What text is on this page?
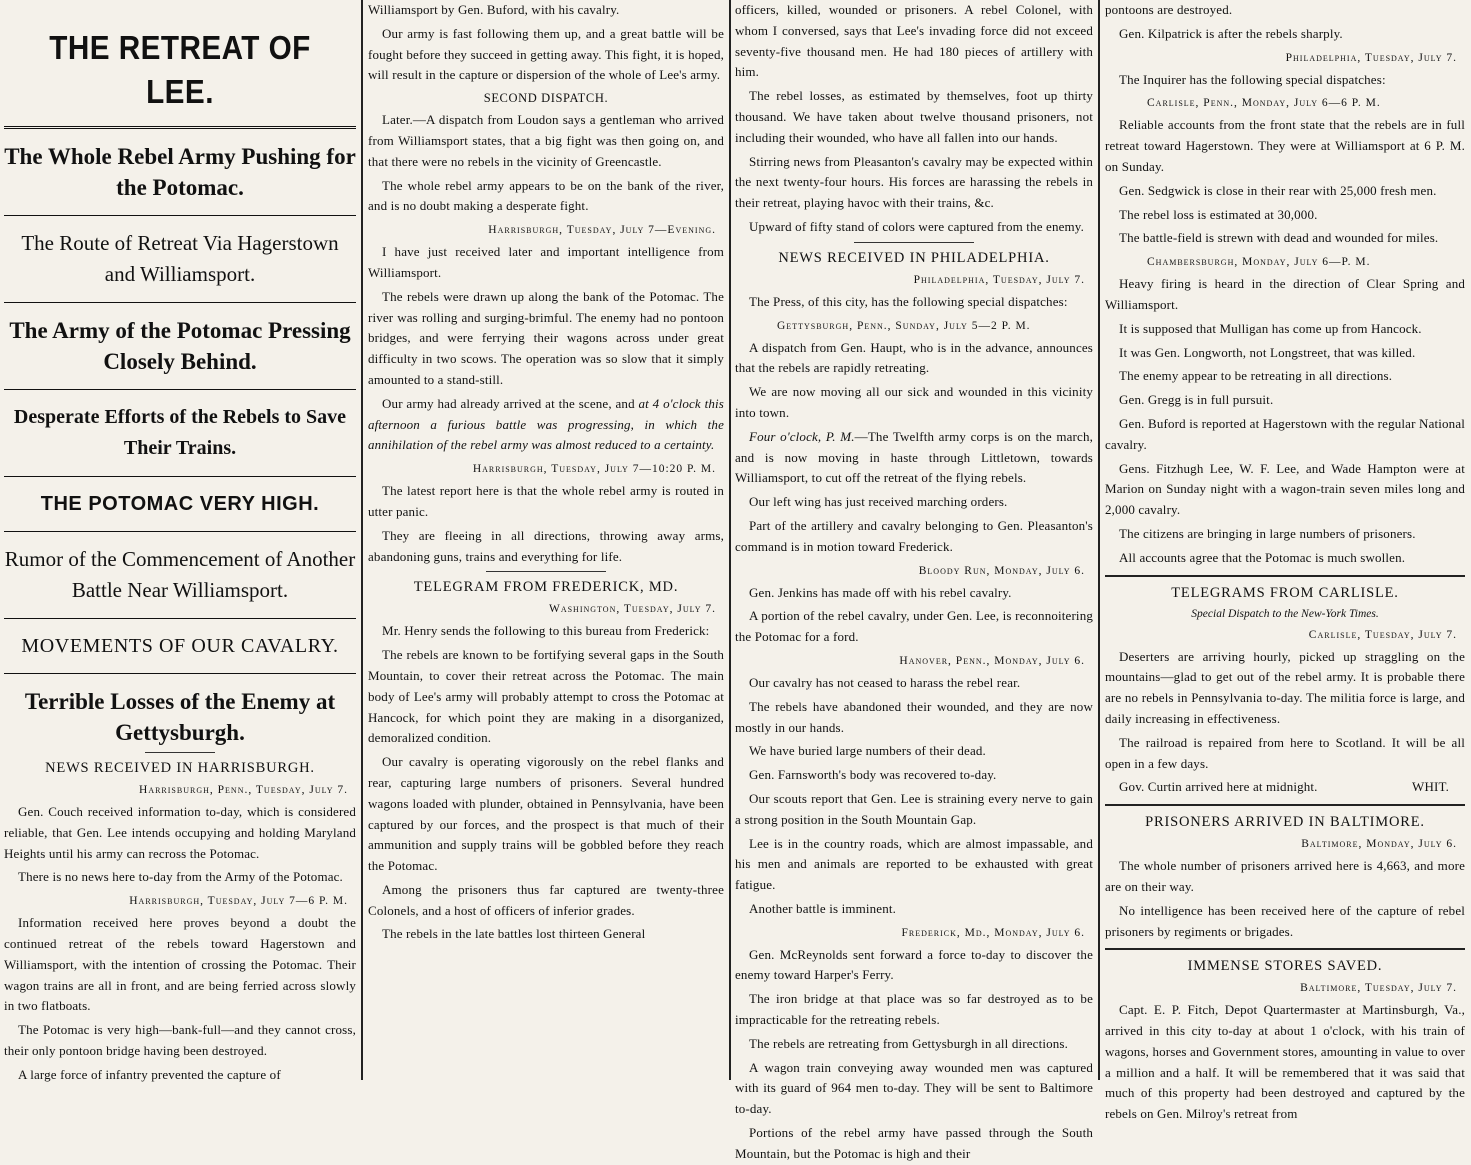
THE RETREAT OF LEE.
The Whole Rebel Army Pushing for the Potomac.
The Route of Retreat Via Hagerstown and Williamsport.
The Army of the Potomac Pressing Closely Behind.
Desperate Efforts of the Rebels to Save Their Trains.
THE POTOMAC VERY HIGH.
Rumor of the Commencement of Another Battle Near Williamsport.
MOVEMENTS OF OUR CAVALRY.
Terrible Losses of the Enemy at Gettysburgh.
NEWS RECEIVED IN HARRISBURGH.
Harrisburgh, Penn., Tuesday, July 7.

Gen. Couch received information to-day, which is considered reliable, that Gen. Lee intends occupying and holding Maryland Heights until his army can recross the Potomac.

There is no news here to-day from the Army of the Potomac.

Harrisburgh, Tuesday, July 7—6 P. M.

Information received here proves beyond a doubt the continued retreat of the rebels toward Hagerstown and Williamsport, with the intention of crossing the Potomac. Their wagon trains are all in front, and are being ferried across slowly in two flatboats.

The Potomac is very high—bank-full—and they cannot cross, their only pontoon bridge having been destroyed.

A large force of infantry prevented the capture of

Williamsport by Gen. Buford, with his cavalry.

Our army is fast following them up, and a great battle will be fought before they succeed in getting away. This fight, it is hoped, will result in the capture or dispersion of the whole of Lee's army.

SECOND DISPATCH.

Later.—A dispatch from Loudon says a gentleman who arrived from Williamsport states, that a big fight was then going on, and that there were no rebels in the vicinity of Greencastle.

The whole rebel army appears to be on the bank of the river, and is no doubt making a desperate fight.

Harrisburgh, Tuesday, July 7—Evening.

I have just received later and important intelligence from Williamsport.

The rebels were drawn up along the bank of the Potomac. The river was rolling and surging-brimful. The enemy had no pontoon bridges, and were ferrying their wagons across under great difficulty in two scows. The operation was so slow that it simply amounted to a stand-still.

Our army had already arrived at the scene, and at 4 o'clock this afternoon a furious battle was progressing, in which the annihilation of the rebel army was almost reduced to a certainty.

Harrisburgh, Tuesday, July 7—10:20 P. M.

The latest report here is that the whole rebel army is routed in utter panic.

They are fleeing in all directions, throwing away arms, abandoning guns, trains and everything for life.

TELEGRAM FROM FREDERICK, MD.
Washington, Tuesday, July 7.

Mr. Henry sends the following to this bureau from Frederick:

The rebels are known to be fortifying several gaps in the South Mountain, to cover their retreat across the Potomac. The main body of Lee's army will probably attempt to cross the Potomac at Hancock, for which point they are making in a disorganized, demoralized condition.

Our cavalry is operating vigorously on the rebel flanks and rear, capturing large numbers of prisoners. Several hundred wagons loaded with plunder, obtained in Pennsylvania, have been captured by our forces, and the prospect is that much of their ammunition and supply trains will be gobbled before they reach the Potomac.

Among the prisoners thus far captured are twenty-three Colonels, and a host of officers of inferior grades.

The rebels in the late battles lost thirteen General

officers, killed, wounded or prisoners. A rebel Colonel, with whom I conversed, says that Lee's invading force did not exceed seventy-five thousand men. He had 180 pieces of artillery with him.

The rebel losses, as estimated by themselves, foot up thirty thousand. We have taken about twelve thousand prisoners, not including their wounded, who have all fallen into our hands.

Stirring news from Pleasanton's cavalry may be expected within the next twenty-four hours. His forces are harassing the rebels in their retreat, playing havoc with their trains, &c.

Upward of fifty stand of colors were captured from the enemy.

NEWS RECEIVED IN PHILADELPHIA.
Philadelphia, Tuesday, July 7.

The Press, of this city, has the following special dispatches:

Gettysburgh, Penn., Sunday, July 5—2 P. M.

A dispatch from Gen. Haupt, who is in the advance, announces that the rebels are rapidly retreating.

We are now moving all our sick and wounded in this vicinity into town.

Four o'clock, P. M.—The Twelfth army corps is on the march, and is now moving in haste through Littletown, towards Williamsport, to cut off the retreat of the flying rebels.

Our left wing has just received marching orders.

Part of the artillery and cavalry belonging to Gen. Pleasanton's command is in motion toward Frederick.

Bloody Run, Monday, July 6.

Gen. Jenkins has made off with his rebel cavalry.

A portion of the rebel cavalry, under Gen. Lee, is reconnoitering the Potomac for a ford.

Hanover, Penn., Monday, July 6.

Our cavalry has not ceased to harass the rebel rear.

The rebels have abandoned their wounded, and they are now mostly in our hands.

We have buried large numbers of their dead.

Gen. Farnsworth's body was recovered to-day.

Our scouts report that Gen. Lee is straining every nerve to gain a strong position in the South Mountain Gap.

Lee is in the country roads, which are almost impassable, and his men and animals are reported to be exhausted with great fatigue.

Another battle is imminent.

Frederick, Md., Monday, July 6.

Gen. McReynolds sent forward a force to-day to discover the enemy toward Harper's Ferry.

The iron bridge at that place was so far destroyed as to be impracticable for the retreating rebels.

The rebels are retreating from Gettysburgh in all directions.

A wagon train conveying away wounded men was captured with its guard of 964 men to-day. They will be sent to Baltimore to-day.

Portions of the rebel army have passed through the South Mountain, but the Potomac is high and their

pontoons are destroyed.

Gen. Kilpatrick is after the rebels sharply.

Philadelphia, Tuesday, July 7.

The Inquirer has the following special dispatches:

Carlisle, Penn., Monday, July 6—6 P. M.

Reliable accounts from the front state that the rebels are in full retreat toward Hagerstown. They were at Williamsport at 6 P. M. on Sunday.

Gen. Sedgwick is close in their rear with 25,000 fresh men.

The rebel loss is estimated at 30,000.

The battle-field is strewn with dead and wounded for miles.

Chambersburgh, Monday, July 6—P. M.

Heavy firing is heard in the direction of Clear Spring and Williamsport.

It is supposed that Mulligan has come up from Hancock.

It was Gen. Longworth, not Longstreet, that was killed.

The enemy appear to be retreating in all directions.

Gen. Gregg is in full pursuit.

Gen. Buford is reported at Hagerstown with the regular National cavalry.

Gens. Fitzhugh Lee, W. F. Lee, and Wade Hampton were at Marion on Sunday night with a wagon-train seven miles long and 2,000 cavalry.

The citizens are bringing in large numbers of prisoners.

All accounts agree that the Potomac is much swollen.

TELEGRAMS FROM CARLISLE.
Special Dispatch to the New-York Times.
Carlisle, Tuesday, July 7.

Deserters are arriving hourly, picked up straggling on the mountains—glad to get out of the rebel army. It is probable there are no rebels in Pennsylvania to-day. The militia force is large, and daily increasing in effectiveness.

The railroad is repaired from here to Scotland. It will be all open in a few days.

Gov. Curtin arrived here at midnight.	WHIT.

PRISONERS ARRIVED IN BALTIMORE.
Baltimore, Monday, July 6.

The whole number of prisoners arrived here is 4,663, and more are on their way.

No intelligence has been received here of the capture of rebel prisoners by regiments or brigades.

IMMENSE STORES SAVED.
Baltimore, Tuesday, July 7.

Capt. E. P. Fitch, Depot Quartermaster at Martinsburgh, Va., arrived in this city to-day at about 1 o'clock, with his train of wagons, horses and Government stores, amounting in value to over a million and a half. It will be remembered that it was said that much of this property had been destroyed and captured by the rebels on Gen. Milroy's retreat from
